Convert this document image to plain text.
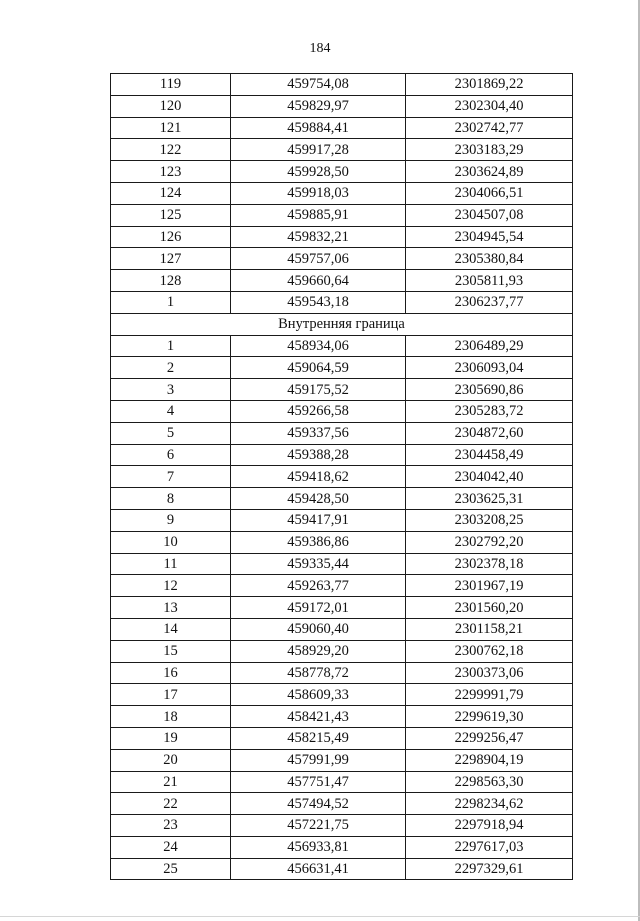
184
119	459754,08	2301869,22
120	459829,97	2302304,40
121	459884,41	2302742,77
122	459917,28	2303183,29
123	459928,50	2303624,89
124	459918,03	2304066,51
125	459885,91	2304507,08
126	459832,21	2304945,54
127	459757,06	2305380,84
128	459660,64	2305811,93
1	459543,18	2306237,77
Внутренняя граница		
1	458934,06	2306489,29
2	459064,59	2306093,04
3	459175,52	2305690,86
4	459266,58	2305283,72
5	459337,56	2304872,60
6	459388,28	2304458,49
7	459418,62	2304042,40
8	459428,50	2303625,31
9	459417,91	2303208,25
10	459386,86	2302792,20
11	459335,44	2302378,18
12	459263,77	2301967,19
13	459172,01	2301560,20
14	459060,40	2301158,21
15	458929,20	2300762,18
16	458778,72	2300373,06
17	458609,33	2299991,79
18	458421,43	2299619,30
19	458215,49	2299256,47
20	457991,99	2298904,19
21	457751,47	2298563,30
22	457494,52	2298234,62
23	457221,75	2297918,94
24	456933,81	2297617,03
25	456631,41	2297329,61
